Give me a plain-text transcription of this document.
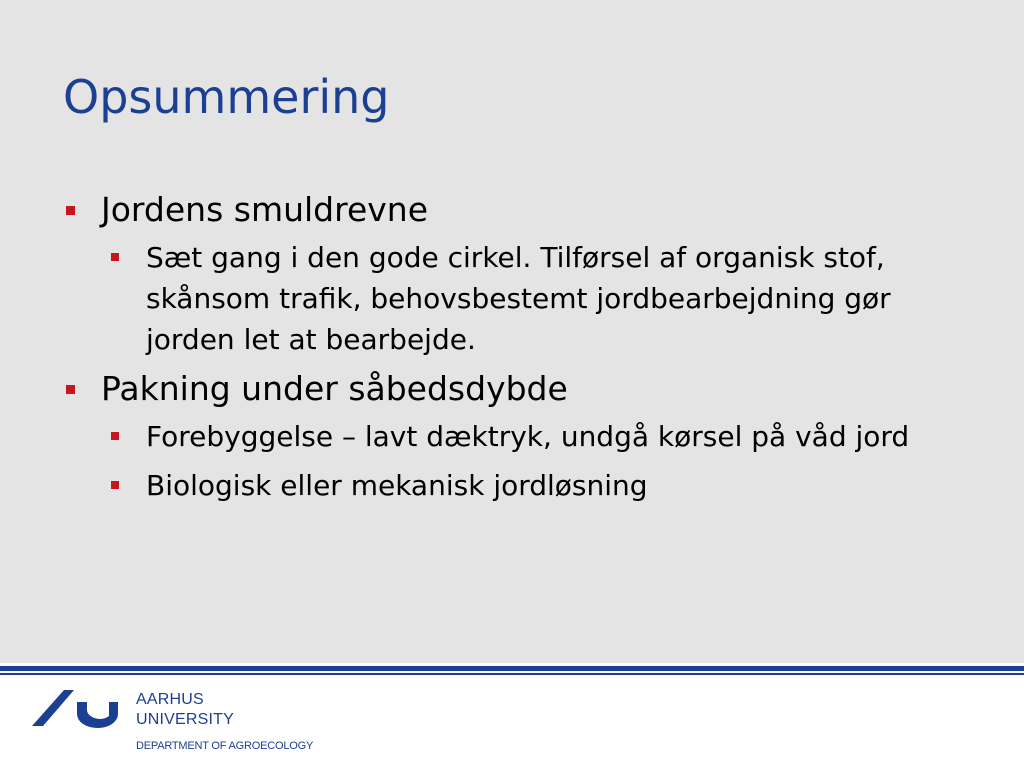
Opsummering
Jordens smuldrevne
Sæt gang i den gode cirkel. Tilførsel af organisk stof, skånsom trafik, behovsbestemt jordbearbejdning gør jorden let at bearbejde.
Pakning under såbedsdybde
Forebyggelse – lavt dæktryk, undgå kørsel på våd jord
Biologisk eller mekanisk jordløsning
AARHUS
UNIVERSITY
DEPARTMENT OF AGROECOLOGY
